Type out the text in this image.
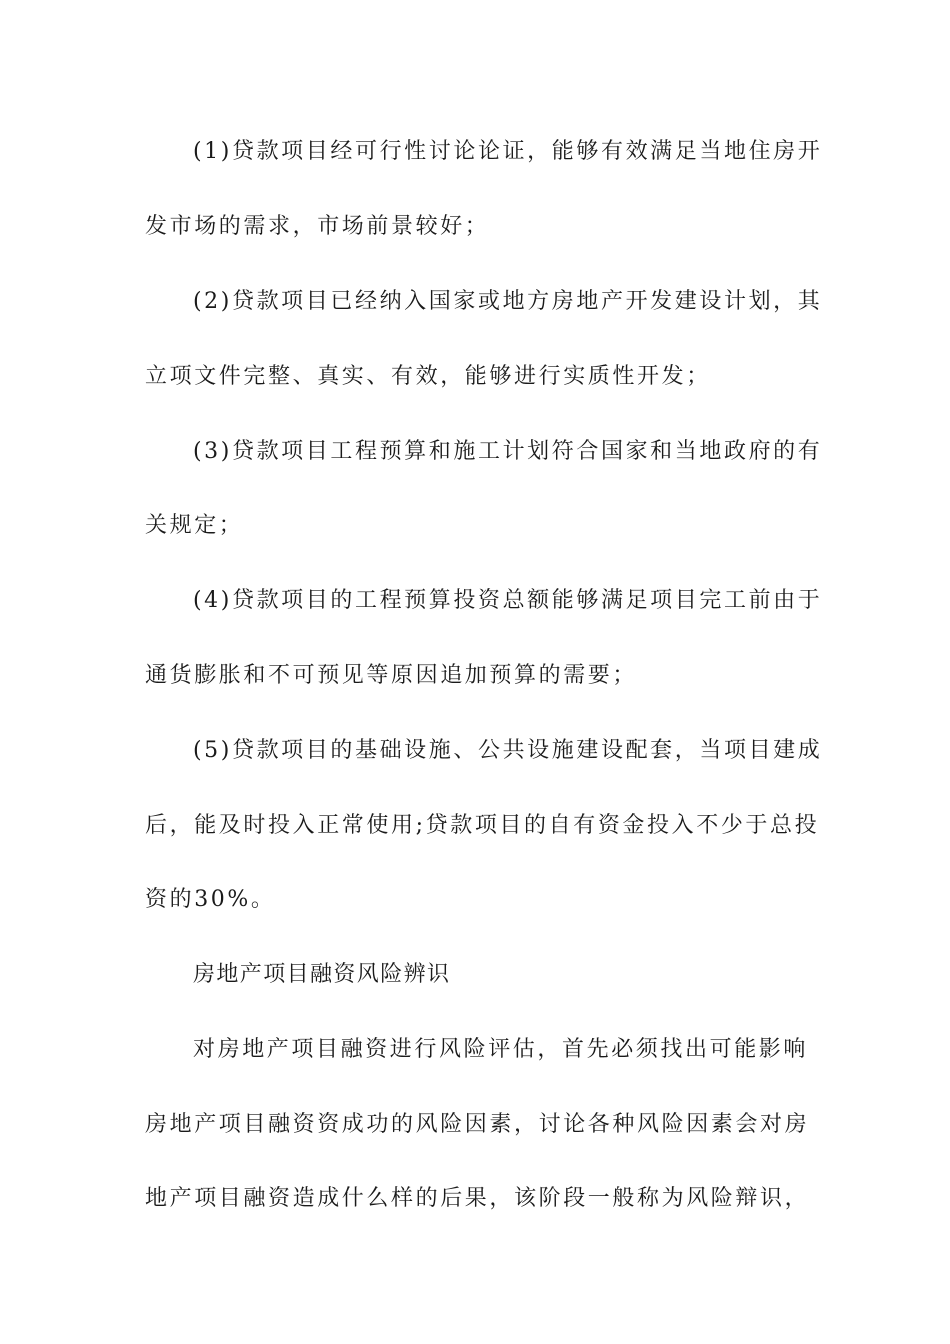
(1)贷款项目经可行性讨论论证，能够有效满足当地住房开
发市场的需求，市场前景较好；
(2)贷款项目已经纳入国家或地方房地产开发建设计划，其
立项文件完整、真实、有效，能够进行实质性开发；
(3)贷款项目工程预算和施工计划符合国家和当地政府的有
关规定；
(4)贷款项目的工程预算投资总额能够满足项目完工前由于
通货膨胀和不可预见等原因追加预算的需要；
(5)贷款项目的基础设施、公共设施建设配套，当项目建成
后，能及时投入正常使用;贷款项目的自有资金投入不少于总投
资的30%。
房地产项目融资风险辨识
对房地产项目融资进行风险评估，首先必须找出可能影响
房地产项目融资资成功的风险因素，讨论各种风险因素会对房
地产项目融资造成什么样的后果，该阶段一般称为风险辩识，
